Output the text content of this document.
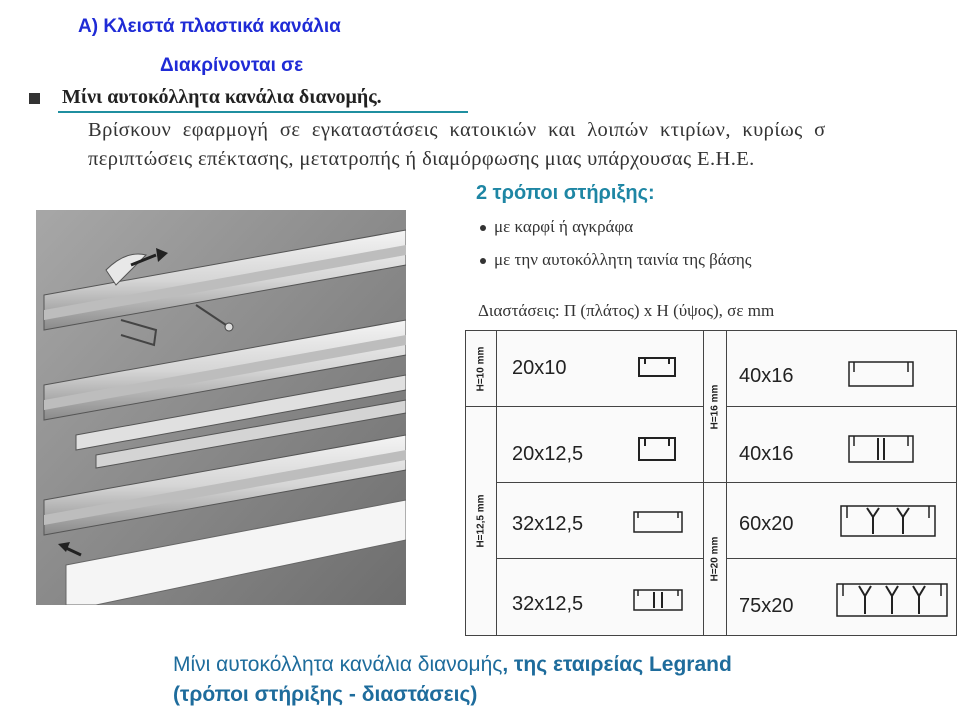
Α) Κλειστά πλαστικά κανάλια
Διακρίνονται σε
Μίνι αυτοκόλλητα κανάλια διανομής.
Βρίσκουν εφαρμογή σε εγκαταστάσεις κατοικιών και λοιπών κτιρίων, κυρίως σ
περιπτώσεις επέκτασης, μετατροπής ή διαμόρφωσης μιας υπάρχουσας Ε.Η.Ε.
2 τρόποι στήριξης:
με καρφί ή αγκράφα
με την αυτοκόλλητη ταινία της βάσης
Διαστάσεις: Π (πλάτος) x Η (ύψος), σε mm
H=10 mm
H=12,5 mm
20x10
20x12,5
32x12,5
32x12,5
H=16 mm
H=20 mm
40x16
40x16
60x20
75x20
Μίνι αυτοκόλλητα κανάλια διανομής, της εταιρείας Legrand
(τρόποι στήριξης - διαστάσεις)
